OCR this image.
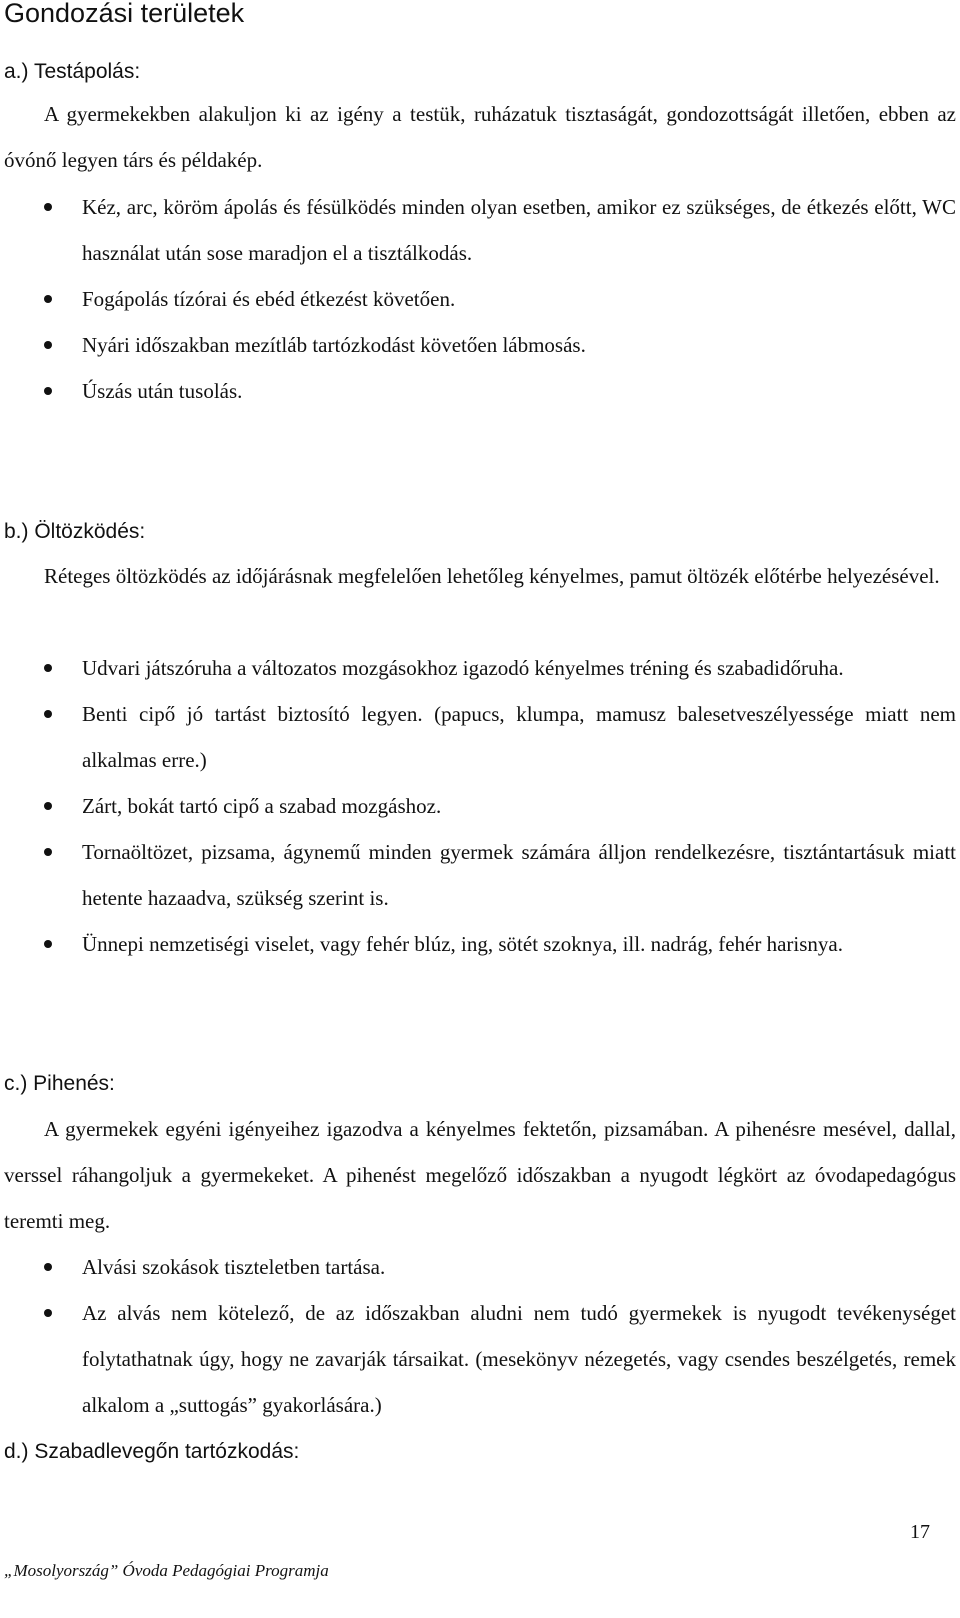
Gondozási területek
a.) Testápolás:
A gyermekekben alakuljon ki az igény a testük, ruházatuk tisztaságát, gondozottságát illetően, ebben az óvónő legyen társ és példakép.
Kéz, arc, köröm ápolás és fésülködés minden olyan esetben, amikor ez szükséges, de étkezés előtt, WC használat után sose maradjon el a tisztálkodás.
Fogápolás tízórai és ebéd étkezést követően.
Nyári időszakban mezítláb tartózkodást követően lábmosás.
Úszás után tusolás.
b.) Öltözködés:
Réteges öltözködés az időjárásnak megfelelően lehetőleg kényelmes, pamut öltözék előtérbe helyezésével.
Udvari játszóruha a változatos mozgásokhoz igazodó kényelmes tréning és szabadidőruha.
Benti cipő jó tartást biztosító legyen. (papucs, klumpa, mamusz balesetveszélyessége miatt nem alkalmas erre.)
Zárt, bokát tartó cipő a szabad mozgáshoz.
Tornaöltözet, pizsama, ágynemű minden gyermek számára álljon rendelkezésre, tisztántartásuk miatt hetente hazaadva, szükség szerint is.
Ünnepi nemzetiségi viselet, vagy fehér blúz, ing, sötét szoknya, ill. nadrág, fehér harisnya.
c.) Pihenés:
A gyermekek egyéni igényeihez igazodva a kényelmes fektetőn, pizsamában. A pihenésre mesével, dallal, verssel ráhangoljuk a gyermekeket. A pihenést megelőző időszakban a nyugodt légkört az óvodapedagógus teremti meg.
Alvási szokások tiszteletben tartása.
Az alvás nem kötelező, de az időszakban aludni nem tudó gyermekek is nyugodt tevékenységet folytathatnak úgy, hogy ne zavarják társaikat. (mesekönyv nézegetés, vagy csendes beszélgetés, remek alkalom a „suttogás” gyakorlására.)
d.) Szabadlevegőn tartózkodás:
17
„Mosolyország” Óvoda Pedagógiai Programja
